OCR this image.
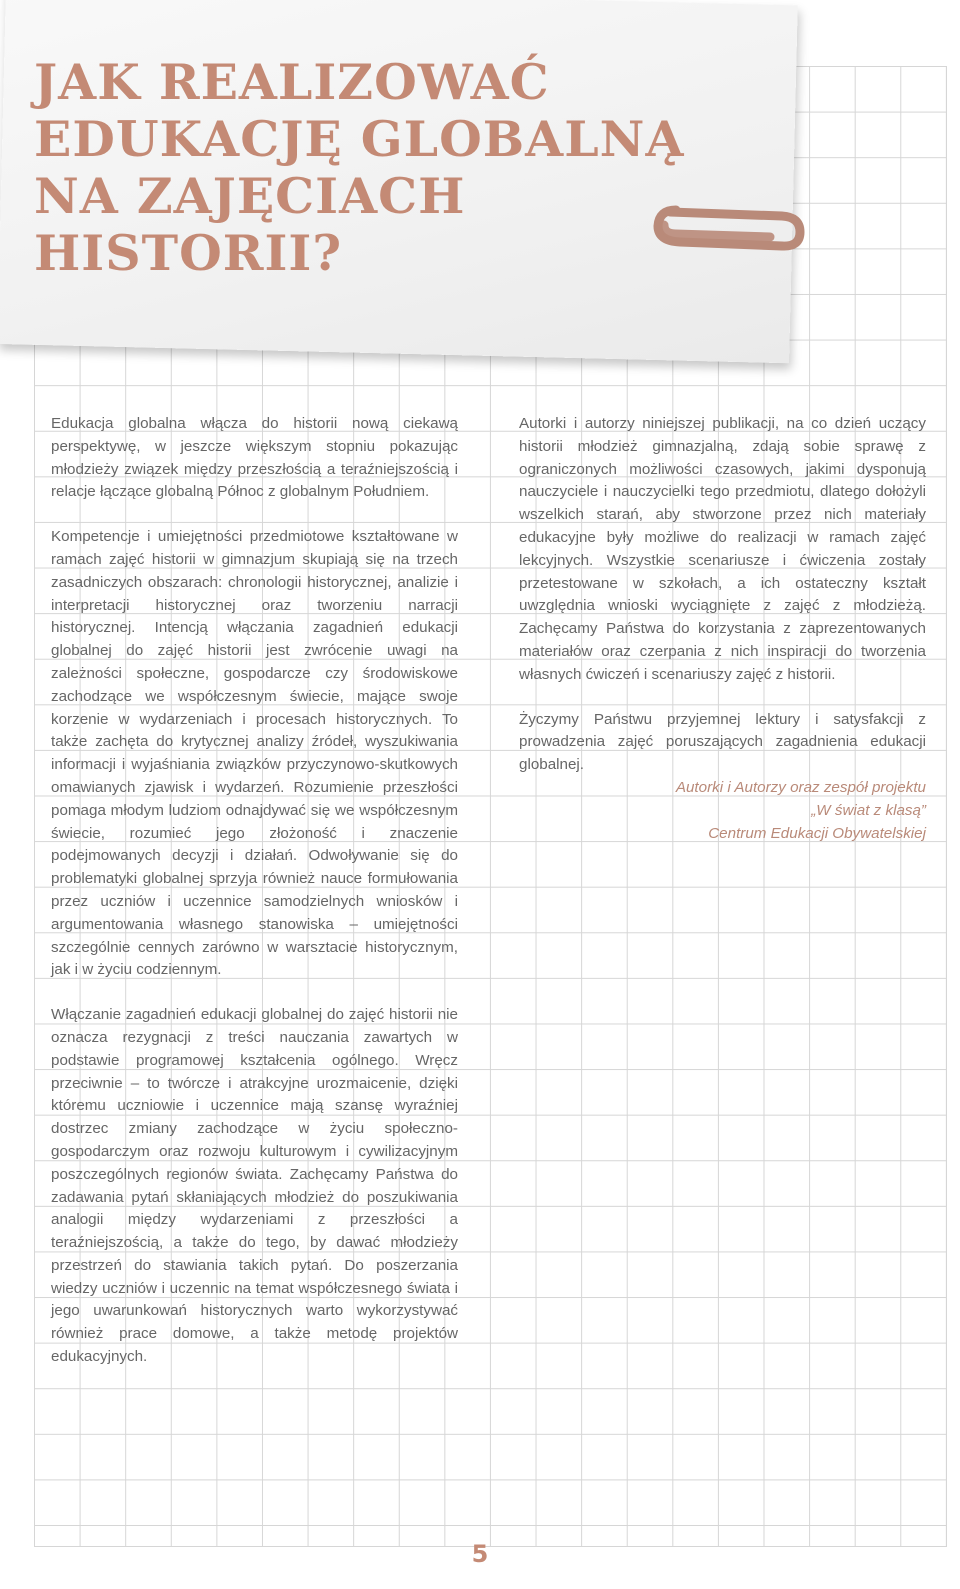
JAK REALIZOWAĆ
EDUKACJĘ GLOBALNĄ
NA ZAJĘCIACH
HISTORII?

Edukacja globalna włącza do historii nową ciekawą perspektywę, w jeszcze większym stopniu pokazując młodzieży związek między przeszłością a teraźniejszością i relacje łączące globalną Północ z globalnym Południem.

Kompetencje i umiejętności przedmiotowe kształtowane w ramach zajęć historii w gimnazjum skupiają się na trzech zasadniczych obszarach: chronologii historycznej, analizie i interpretacji historycznej oraz tworzeniu narracji historycznej. Intencją włączania zagadnień edukacji globalnej do zajęć historii jest zwrócenie uwagi na zależności społeczne, gospodarcze czy środowiskowe zachodzące we współczesnym świecie, mające swoje korzenie w wydarzeniach i procesach historycznych. To także zachęta do krytycznej analizy źródeł, wyszukiwania informacji i wyjaśniania związków przyczynowo-skutkowych omawianych zjawisk i wydarzeń. Rozumienie przeszłości pomaga młodym ludziom odnajdywać się we współczesnym świecie, rozumieć jego złożoność i znaczenie podejmowanych decyzji i działań. Odwoływanie się do problematyki globalnej sprzyja również nauce formułowania przez uczniów i uczennice samodzielnych wniosków i argumentowania własnego stanowiska – umiejętności szczególnie cennych zarówno w warsztacie historycznym, jak i w życiu codziennym.

Włączanie zagadnień edukacji globalnej do zajęć historii nie oznacza rezygnacji z treści nauczania zawartych w podstawie programowej kształcenia ogólnego. Wręcz przeciwnie – to twórcze i atrakcyjne urozmaicenie, dzięki któremu uczniowie i uczennice mają szansę wyraźniej dostrzec zmiany zachodzące w życiu społeczno-gospodarczym oraz rozwoju kulturowym i cywilizacyjnym poszczególnych regionów świata. Zachęcamy Państwa do zadawania pytań skłaniających młodzież do poszukiwania analogii między wydarzeniami z przeszłości a teraźniejszością, a także do tego, by dawać młodzieży przestrzeń do stawiania takich pytań. Do poszerzania wiedzy uczniów i uczennic na temat współczesnego świata i jego uwarunkowań historycznych warto wykorzystywać również prace domowe, a także metodę projektów edukacyjnych.

Autorki i autorzy niniejszej publikacji, na co dzień uczący historii młodzież gimnazjalną, zdają sobie sprawę z ograniczonych możliwości czasowych, jakimi dysponują nauczyciele i nauczycielki tego przedmiotu, dlatego dołożyli wszelkich starań, aby stworzone przez nich materiały edukacyjne były możliwe do realizacji w ramach zajęć lekcyjnych. Wszystkie scenariusze i ćwiczenia zostały przetestowane w szkołach, a ich ostateczny kształt uwzględnia wnioski wyciągnięte z zajęć z młodzieżą. Zachęcamy Państwa do korzystania z zaprezentowanych materiałów oraz czerpania z nich inspiracji do tworzenia własnych ćwiczeń i scenariuszy zajęć z historii.

Życzymy Państwu przyjemnej lektury i satysfakcji z prowadzenia zajęć poruszających zagadnienia edukacji globalnej.

Autorki i Autorzy oraz zespół projektu
„W świat z klasą”
Centrum Edukacji Obywatelskiej
5
